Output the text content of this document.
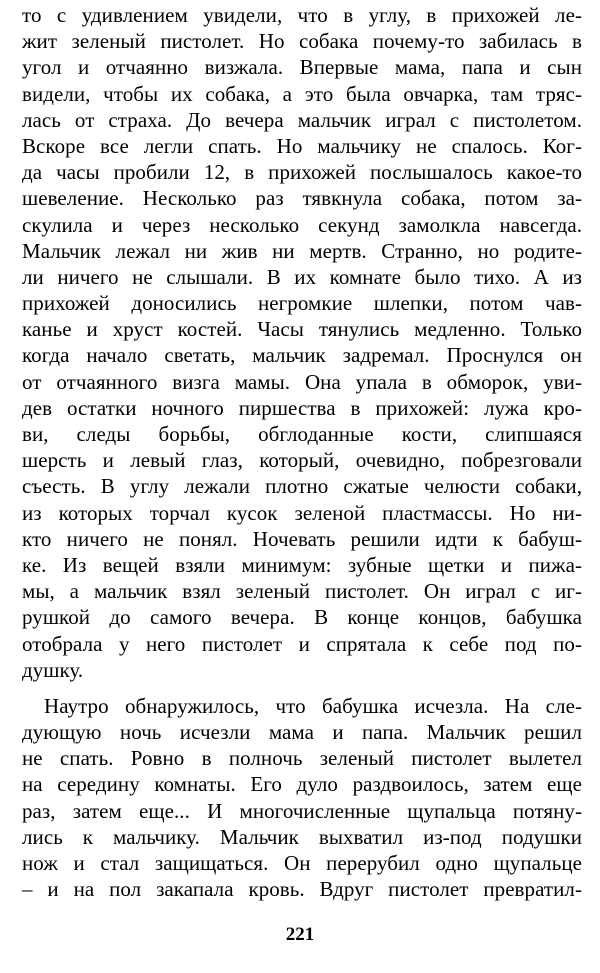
то с удивлением увидели, что в углу, в прихожей ле-
жит зеленый пистолет. Но собака почему-то забилась в
угол и отчаянно визжала. Впервые мама, папа и сын
видели, чтобы их собака, а это была овчарка, там тряс-
лась от страха. До вечера мальчик играл с пистолетом.
Вскоре все легли спать. Но мальчику не спалось. Ког-
да часы пробили 12, в прихожей послышалось какое-то
шевеление. Несколько раз тявкнула собака, потом за-
скулила и через несколько секунд замолкла навсегда.
Мальчик лежал ни жив ни мертв. Странно, но родите-
ли ничего не слышали. В их комнате было тихо. А из
прихожей доносились негромкие шлепки, потом чав-
канье и хруст костей. Часы тянулись медленно. Только
когда начало светать, мальчик задремал. Проснулся он
от отчаянного визга мамы. Она упала в обморок, уви-
дев остатки ночного пиршества в прихожей: лужа кро-
ви, следы борьбы, обглоданные кости, слипшаяся
шерсть и левый глаз, который, очевидно, побрезговали
съесть. В углу лежали плотно сжатые челюсти собаки,
из которых торчал кусок зеленой пластмассы. Но ни-
кто ничего не понял. Ночевать решили идти к бабуш-
ке. Из вещей взяли минимум: зубные щетки и пижа-
мы, а мальчик взял зеленый пистолет. Он играл с иг-
рушкой до самого вечера. В конце концов, бабушка
отобрала у него пистолет и спрятала к себе под по-
душку.
Наутро обнаружилось, что бабушка исчезла. На сле-
дующую ночь исчезли мама и папа. Мальчик решил
не спать. Ровно в полночь зеленый пистолет вылетел
на середину комнаты. Его дуло раздвоилось, затем еще
раз, затем еще... И многочисленные щупальца потяну-
лись к мальчику. Мальчик выхватил из-под подушки
нож и стал защищаться. Он перерубил одно щупальце
– и на пол закапала кровь. Вдруг пистолет превратил-
221
